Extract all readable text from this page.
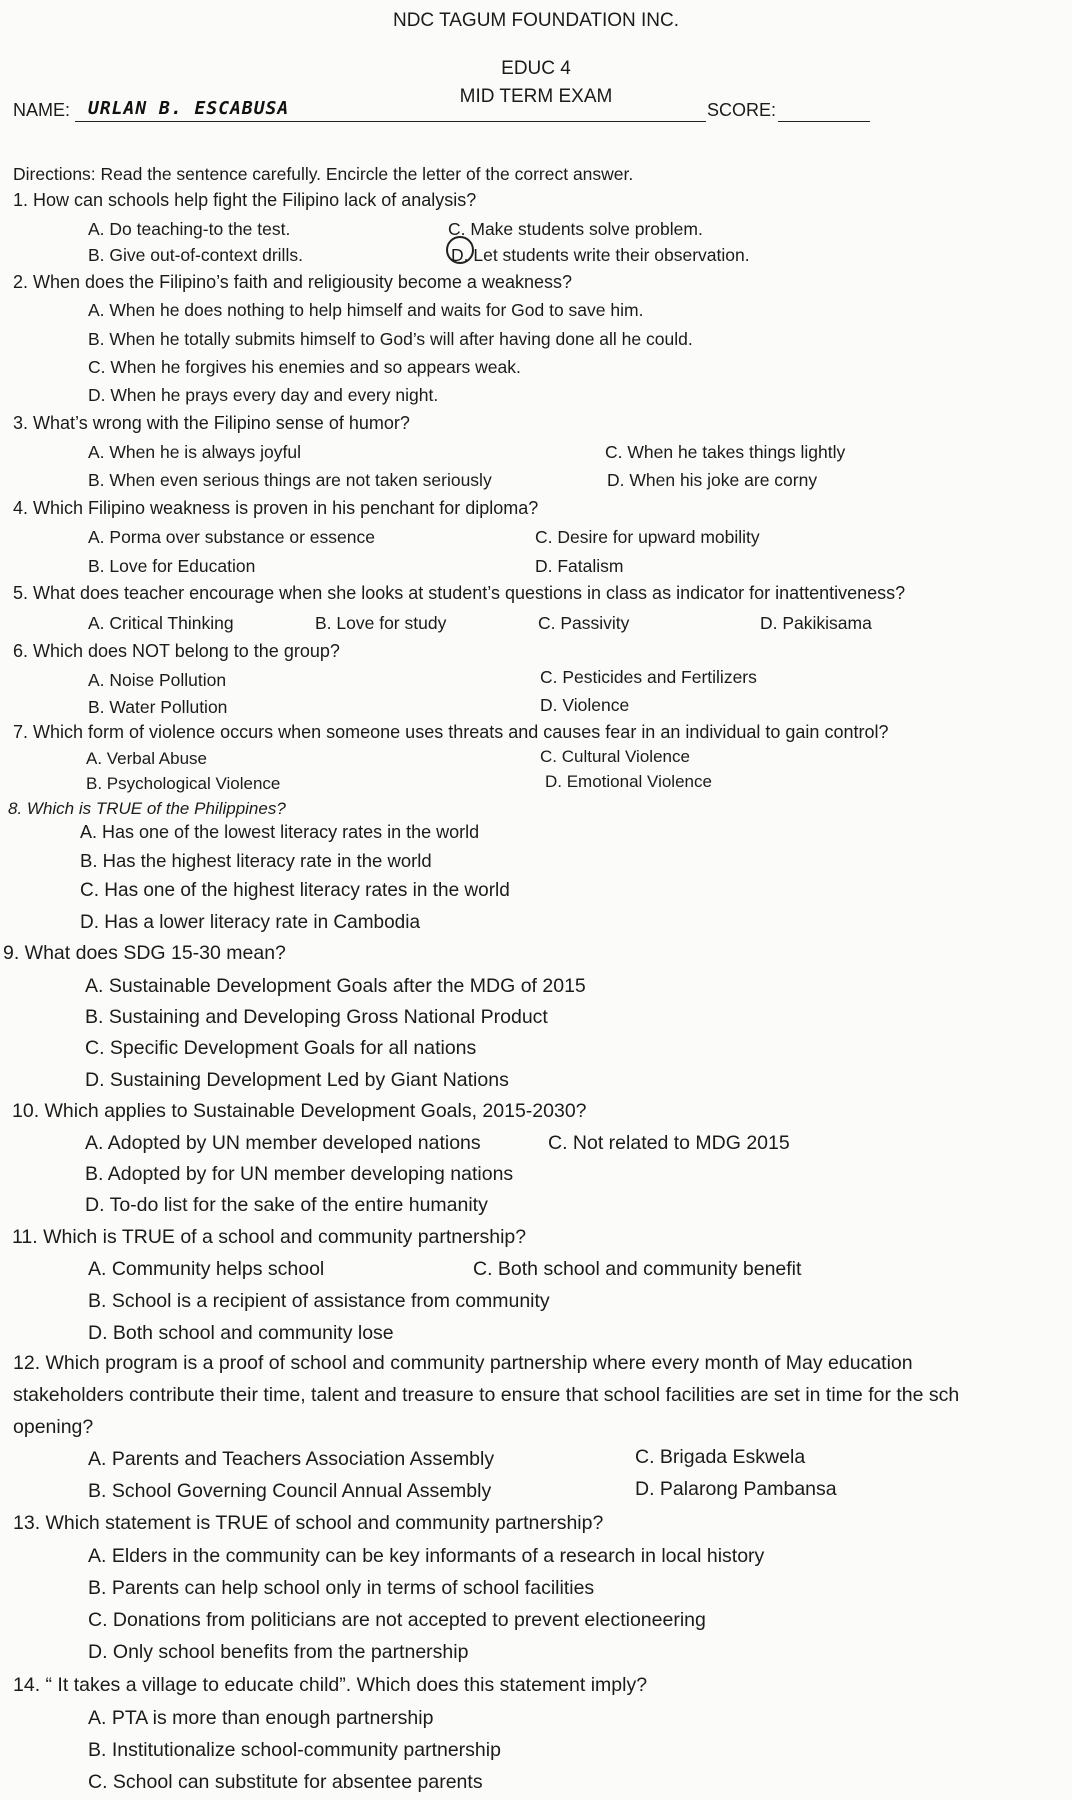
NDC TAGUM FOUNDATION INC.
EDUC 4
MID TERM EXAM
NAME: URLAN B. ESCABUSA	SCORE:
Directions: Read the sentence carefully. Encircle the letter of the correct answer.
1. How can schools help fight the Filipino lack of analysis?
A. Do teaching-to the test.	C. Make students solve problem.
B. Give out-of-context drills.	D. Let students write their observation.
2. When does the Filipino’s faith and religiousity become a weakness?
A. When he does nothing to help himself and waits for God to save him.
B. When he totally submits himself to God’s will after having done all he could.
C. When he forgives his enemies and so appears weak.
D. When he prays every day and every night.
3. What’s wrong with the Filipino sense of humor?
A. When he is always joyful	C. When he takes things lightly
B. When even serious things are not taken seriously	D. When his joke are corny
4. Which Filipino weakness is proven in his penchant for diploma?
A. Porma over substance or essence	C. Desire for upward mobility
B. Love for Education	D. Fatalism
5. What does teacher encourage when she looks at student’s questions in class as indicator for inattentiveness?
A. Critical Thinking	B. Love for study	C. Passivity	D. Pakikisama
6. Which does NOT belong to the group?
A. Noise Pollution	C. Pesticides and Fertilizers
B. Water Pollution	D. Violence
7. Which form of violence occurs when someone uses threats and causes fear in an individual to gain control?
A. Verbal Abuse	C. Cultural Violence
B. Psychological Violence	D. Emotional Violence
8. Which is TRUE of the Philippines?
A. Has one of the lowest literacy rates in the world
B. Has the highest literacy rate in the world
C. Has one of the highest literacy rates in the world
D. Has a lower literacy rate in Cambodia
9. What does SDG 15-30 mean?
A. Sustainable Development Goals after the MDG of 2015
B. Sustaining and Developing Gross National Product
C. Specific Development Goals for all nations
D. Sustaining Development Led by Giant Nations
10. Which applies to Sustainable Development Goals, 2015-2030?
A. Adopted by UN member developed nations	C. Not related to MDG 2015
B. Adopted by for UN member developing nations
D. To-do list for the sake of the entire humanity
11. Which is TRUE of a school and community partnership?
A. Community helps school	C. Both school and community benefit
B. School is a recipient of assistance from community
D. Both school and community lose
12. Which program is a proof of school and community partnership where every month of May education
stakeholders contribute their time, talent and treasure to ensure that school facilities are set in time for the sch
opening?
A. Parents and Teachers Association Assembly	C. Brigada Eskwela
B. School Governing Council Annual Assembly	D. Palarong Pambansa
13. Which statement is TRUE of school and community partnership?
A. Elders in the community can be key informants of a research in local history
B. Parents can help school only in terms of school facilities
C. Donations from politicians are not accepted to prevent electioneering
D. Only school benefits from the partnership
14. “ It takes a village to educate child”. Which does this statement imply?
A. PTA is more than enough partnership
B. Institutionalize school-community partnership
C. School can substitute for absentee parents
